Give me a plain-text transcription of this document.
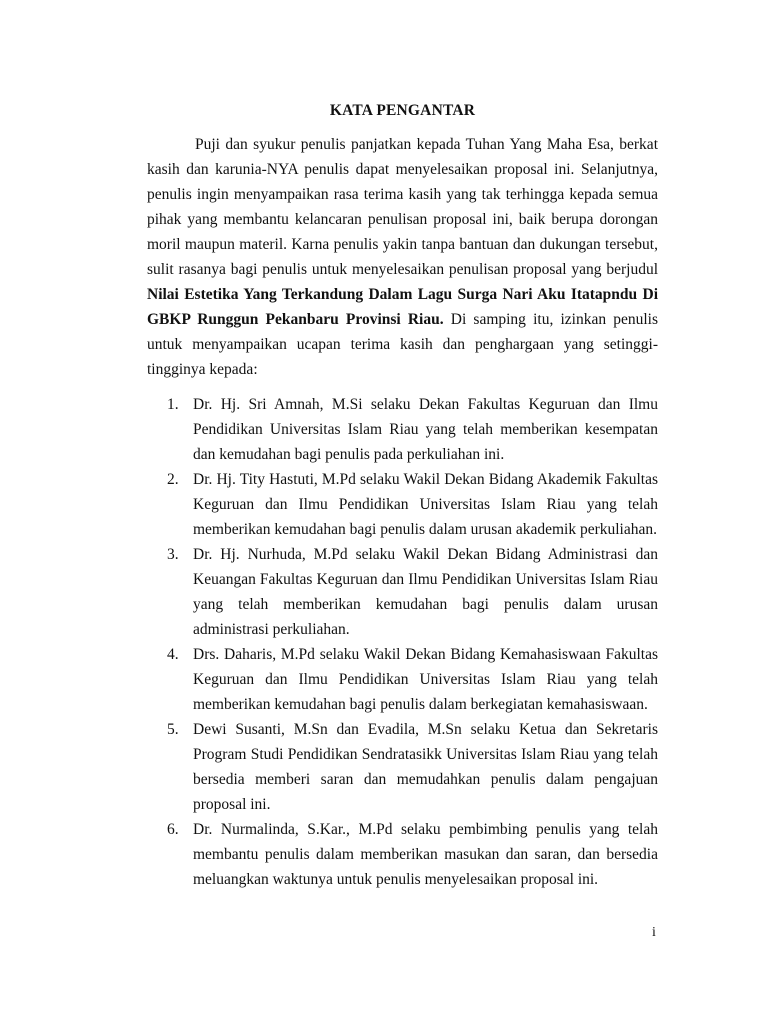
KATA PENGANTAR

Puji dan syukur penulis panjatkan kepada Tuhan Yang Maha Esa, berkat kasih dan karunia-NYA penulis dapat menyelesaikan proposal ini. Selanjutnya, penulis ingin menyampaikan rasa terima kasih yang tak terhingga kepada semua pihak yang membantu kelancaran penulisan proposal ini, baik berupa dorongan moril maupun materil. Karna penulis yakin tanpa bantuan dan dukungan tersebut, sulit rasanya bagi penulis untuk menyelesaikan penulisan proposal yang berjudul Nilai Estetika Yang Terkandung Dalam Lagu Surga Nari Aku Itatapndu Di GBKP Runggun Pekanbaru Provinsi Riau. Di samping itu, izinkan penulis untuk menyampaikan ucapan terima kasih dan penghargaan yang setinggi-tingginya kepada:

1. Dr. Hj. Sri Amnah, M.Si selaku Dekan Fakultas Keguruan dan Ilmu Pendidikan Universitas Islam Riau yang telah memberikan kesempatan dan kemudahan bagi penulis pada perkuliahan ini.
2. Dr. Hj. Tity Hastuti, M.Pd selaku Wakil Dekan Bidang Akademik Fakultas Keguruan dan Ilmu Pendidikan Universitas Islam Riau yang telah memberikan kemudahan bagi penulis dalam urusan akademik perkuliahan.
3. Dr. Hj. Nurhuda, M.Pd selaku Wakil Dekan Bidang Administrasi dan Keuangan Fakultas Keguruan dan Ilmu Pendidikan Universitas Islam Riau yang telah memberikan kemudahan bagi penulis dalam urusan administrasi perkuliahan.
4. Drs. Daharis, M.Pd selaku Wakil Dekan Bidang Kemahasiswaan Fakultas Keguruan dan Ilmu Pendidikan Universitas Islam Riau yang telah memberikan kemudahan bagi penulis dalam berkegiatan kemahasiswaan.
5. Dewi Susanti, M.Sn dan Evadila, M.Sn selaku Ketua dan Sekretaris Program Studi Pendidikan Sendratasikk Universitas Islam Riau yang telah bersedia memberi saran dan memudahkan penulis dalam pengajuan proposal ini.
6. Dr. Nurmalinda, S.Kar., M.Pd selaku pembimbing penulis yang telah membantu penulis dalam memberikan masukan dan saran, dan bersedia meluangkan waktunya untuk penulis menyelesaikan proposal ini.
i
